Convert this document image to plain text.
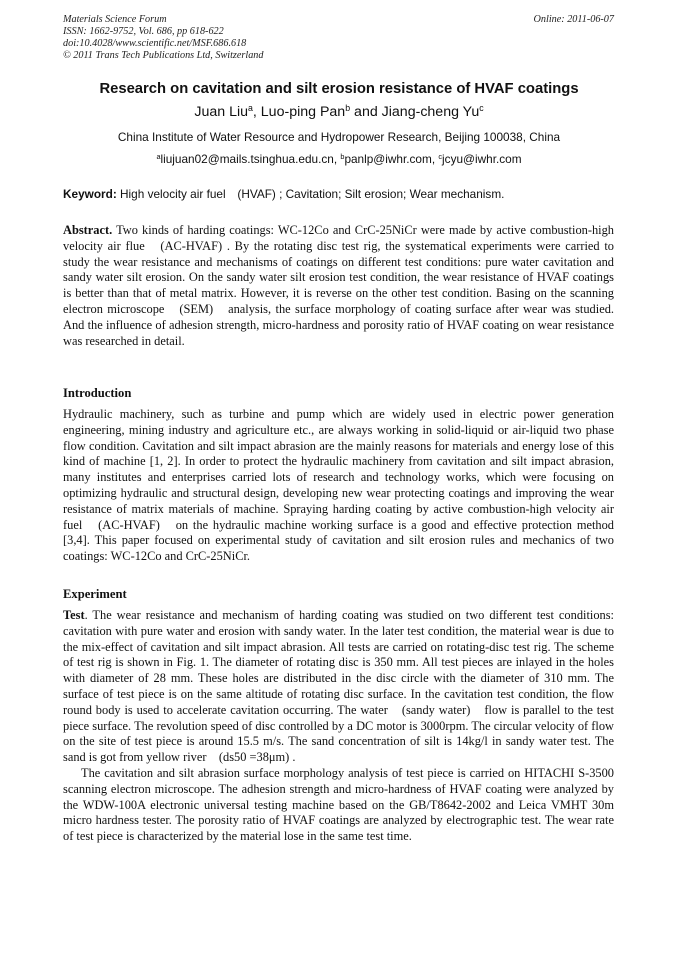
Materials Science Forum
ISSN: 1662-9752, Vol. 686, pp 618-622
doi:10.4028/www.scientific.net/MSF.686.618
© 2011 Trans Tech Publications Ltd, Switzerland
Online: 2011-06-07
Research on cavitation and silt erosion resistance of HVAF coatings
Juan Liu$^a$, Luo-ping Pan$^b$ and Jiang-cheng Yu$^c$
China Institute of Water Resource and Hydropower Research, Beijing 100038, China
$^a$liujuan02@mails.tsinghua.edu.cn, $^b$panlp@iwhr.com, $^c$jcyu@iwhr.com
Keyword: High velocity air fuel　(HVAF) ; Cavitation; Silt erosion; Wear mechanism.

Abstract. Two kinds of harding coatings: WC-12Co and CrC-25NiCr were made by active combustion-high velocity air flue　(AC-HVAF) . By the rotating disc test rig, the systematical experiments were carried to study the wear resistance and mechanisms of coatings on different test conditions: pure water cavitation and sandy water silt erosion. On the sandy water silt erosion test condition, the wear resistance of HVAF coatings is better than that of metal matrix. However, it is reverse on the other test condition. Basing on the scanning electron microscope　(SEM)　analysis, the surface morphology of coating surface after wear was studied. And the influence of adhesion strength, micro-hardness and porosity ratio of HVAF coating on wear resistance was researched in detail.

Introduction

Hydraulic machinery, such as turbine and pump which are widely used in electric power generation engineering, mining industry and agriculture etc., are always working in solid-liquid or air-liquid two phase flow condition. Cavitation and silt impact abrasion are the mainly reasons for materials and energy lose of this kind of machine [1, 2]. In order to protect the hydraulic machinery from cavitation and silt impact abrasion, many institutes and enterprises carried lots of research and technology works, which were focusing on optimizing hydraulic and structural design, developing new wear protecting coatings and improving the wear resistance of matrix materials of machine. Spraying harding coating by active combustion-high velocity air fuel　(AC-HVAF)　on the hydraulic machine working surface is a good and effective protection method [3,4]. This paper focused on experimental study of cavitation and silt erosion rules and mechanics of two coatings: WC-12Co and CrC-25NiCr.

Experiment

Test. The wear resistance and mechanism of harding coating was studied on two different test conditions: cavitation with pure water and erosion with sandy water. In the later test condition, the material wear is due to the mix-effect of cavitation and silt impact abrasion. All tests are carried on rotating-disc test rig. The scheme of test rig is shown in Fig. 1. The diameter of rotating disc is 350 mm. All test pieces are inlayed in the holes with diameter of 28 mm. These holes are distributed in the disc circle with the diameter of 310 mm. The surface of test piece is on the same altitude of rotating disc surface. In the cavitation test condition, the flow round body is used to accelerate cavitation occurring. The water　(sandy water)　flow is parallel to the test piece surface. The revolution speed of disc controlled by a DC motor is 3000rpm. The circular velocity of flow on the site of test piece is around 15.5 m/s. The sand concentration of silt is 14kg/l in sandy water test. The sand is got from yellow river　(ds50 =38μm) .

The cavitation and silt abrasion surface morphology analysis of test piece is carried on HITACHI S-3500 scanning electron microscope. The adhesion strength and micro-hardness of HVAF coating were analyzed by the WDW-100A electronic universal testing machine based on the GB/T8642-2002 and Leica VMHT 30m micro hardness tester. The porosity ratio of HVAF coatings are analyzed by electrographic test. The wear rate of test piece is characterized by the material lose in the same test time.
